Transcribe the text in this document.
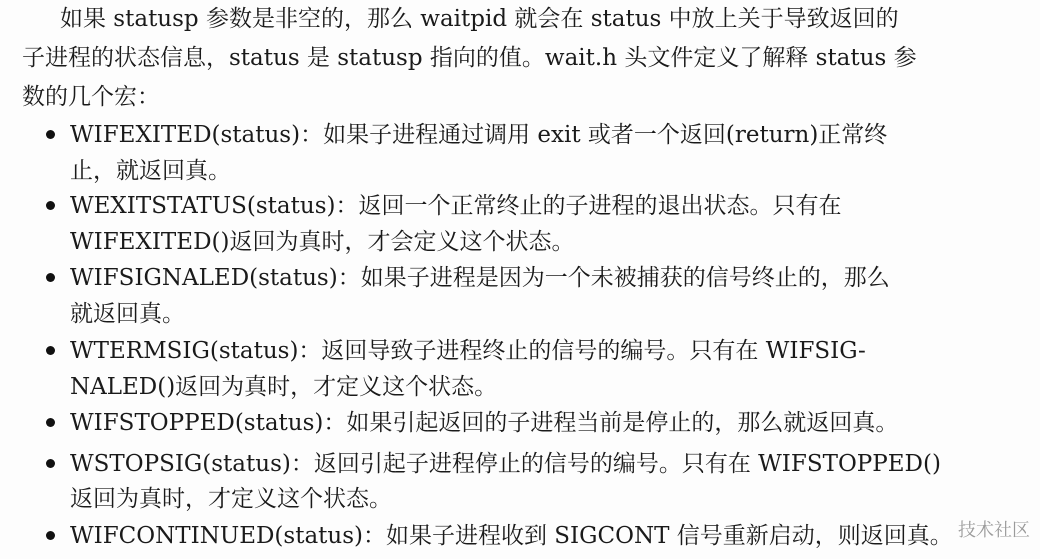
如果 statusp 参数是非空的，那么 waitpid 就会在 status 中放上关于导致返回的
子进程的状态信息，status 是 statusp 指向的值。wait.h 头文件定义了解释 status 参
数的几个宏：
WIFEXITED(status)：如果子进程通过调用 exit 或者一个返回(return)正常终
止，就返回真。
WEXITSTATUS(status)：返回一个正常终止的子进程的退出状态。只有在
WIFEXITED()返回为真时，才会定义这个状态。
WIFSIGNALED(status)：如果子进程是因为一个未被捕获的信号终止的，那么
就返回真。
WTERMSIG(status)：返回导致子进程终止的信号的编号。只有在 WIFSIG-
NALED()返回为真时，才定义这个状态。
WIFSTOPPED(status)：如果引起返回的子进程当前是停止的，那么就返回真。
WSTOPSIG(status)：返回引起子进程停止的信号的编号。只有在 WIFSTOPPED()
返回为真时，才定义这个状态。
WIFCONTINUED(status)：如果子进程收到 SIGCONT 信号重新启动，则返回真。 技术社区
